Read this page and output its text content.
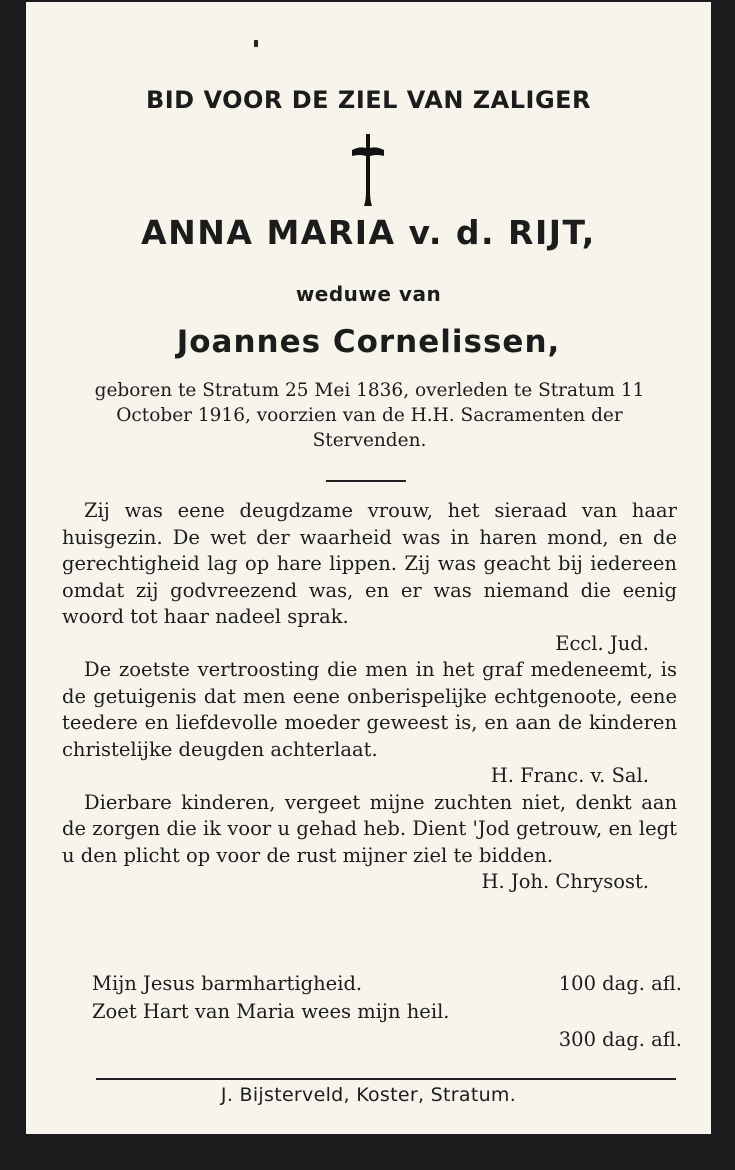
BID VOOR DE ZIEL VAN ZALIGER
ANNA MARIA v. d. RIJT,
weduwe van
Joannes Cornelissen,
geboren te Stratum 25 Mei 1836, overleden te Stratum 11 October 1916, voorzien van de H.H. Sacramenten der Stervenden.

Zij was eene deugdzame vrouw, het sieraad van haar huisgezin. De wet der waarheid was in haren mond, en de gerechtigheid lag op hare lippen. Zij was geacht bij iedereen omdat zij godvreezend was, en er was niemand die eenig woord tot haar nadeel sprak.

Eccl. Jud.

De zoetste vertroosting die men in het graf medeneemt, is de getuigenis dat men eene onberispelijke echtgenoote, eene teedere en liefdevolle moeder geweest is, en aan de kinderen christelijke deugden achterlaat.

H. Franc. v. Sal.

Dierbare kinderen, vergeet mijne zuchten niet, denkt aan de zorgen die ik voor u gehad heb. Dient 'Jod getrouw, en legt u den plicht op voor de rust mijner ziel te bidden.

H. Joh. Chrysost.

Mijn Jesus barmhartigheid.	100 dag. afl.
Zoet Hart van Maria wees mijn heil.
300 dag. afl.
J. Bijsterveld, Koster, Stratum.
